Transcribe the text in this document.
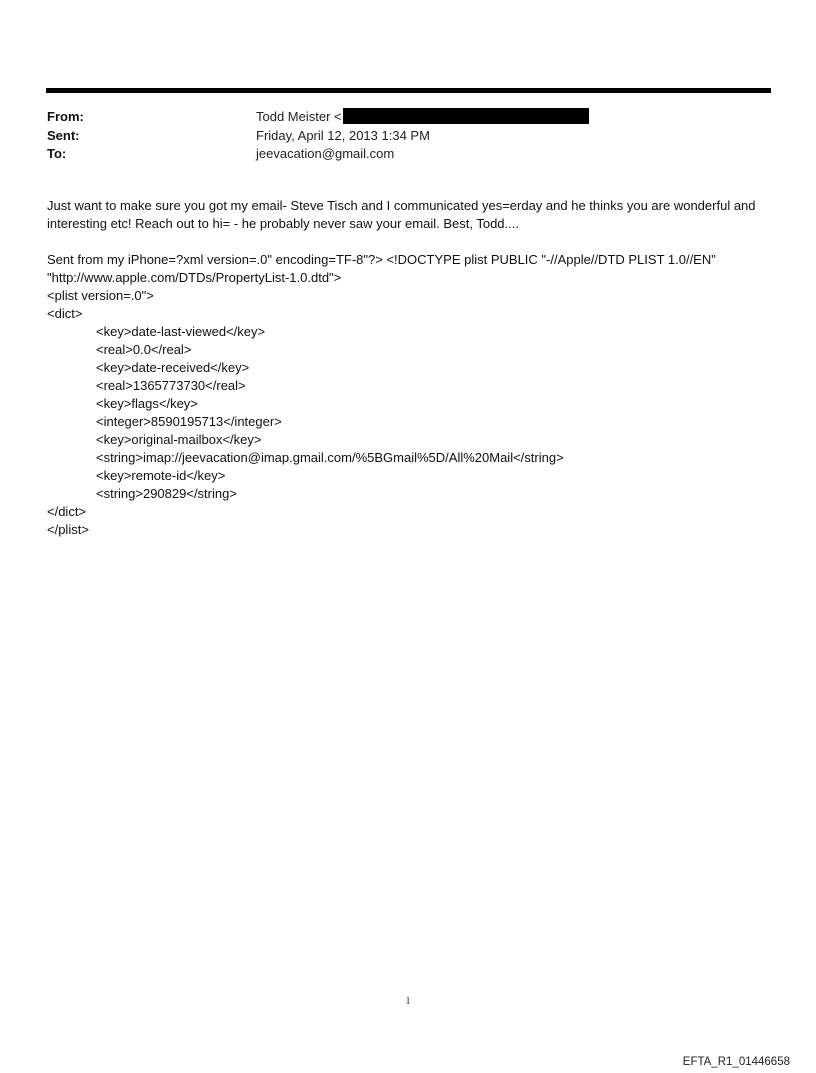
From:	Todd Meister <
Sent:	Friday, April 12, 2013 1:34 PM
To:	jeevacation@gmail.com

Just want to make sure you got my email- Steve Tisch and I communicated yes=erday and he thinks you are wonderful and interesting etc! Reach out to hi= - he probably never saw your email. Best, Todd....

Sent from my iPhone=?xml version=.0" encoding=TF-8"?> <!DOCTYPE plist PUBLIC "-//Apple//DTD PLIST 1.0//EN"
"http://www.apple.com/DTDs/PropertyList-1.0.dtd">
<plist version=.0">
<dict>
<key>date-last-viewed</key>
<real>0.0</real>
<key>date-received</key>
<real>1365773730</real>
<key>flags</key>
<integer>8590195713</integer>
<key>original-mailbox</key>
<string>imap://jeevacation@imap.gmail.com/%5BGmail%5D/All%20Mail</string>
<key>remote-id</key>
<string>290829</string>
</dict>
</plist>
1
EFTA_R1_01446658
